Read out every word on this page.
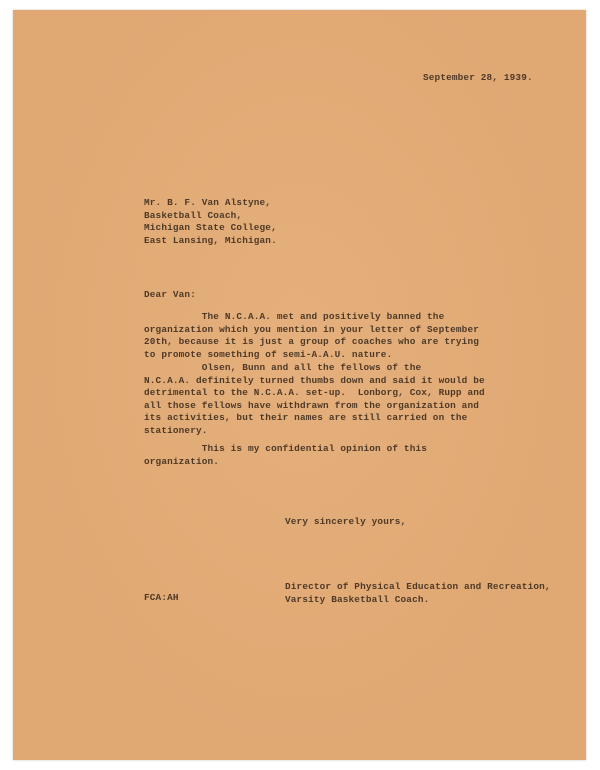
September 28, 1939.
Mr. B. F. Van Alstyne,
Basketball Coach,
Michigan State College,
East Lansing, Michigan.
Dear Van:
The N.C.A.A. met and positively banned the
organization which you mention in your letter of September
20th, because it is just a group of coaches who are trying
to promote something of semi-A.A.U. nature.
Olsen, Bunn and all the fellows of the
N.C.A.A. definitely turned thumbs down and said it would be
detrimental to the N.C.A.A. set-up.  Lonborg, Cox, Rupp and
all those fellows have withdrawn from the organization and
its activities, but their names are still carried on the
stationery.
This is my confidential opinion of this
organization.
Very sincerely yours,
FCA:AH
Director of Physical Education and Recreation,
Varsity Basketball Coach.
